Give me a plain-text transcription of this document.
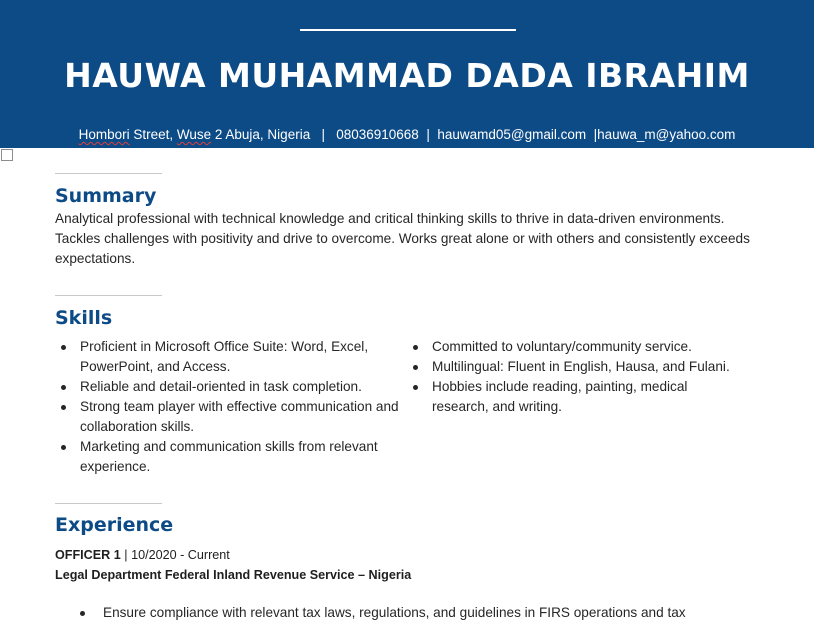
HAUWA MUHAMMAD DADA IBRAHIM
Hombori Street, Wuse 2 Abuja, Nigeria   |   08036910668  |  hauwamd05@gmail.com  |hauwa_m@yahoo.com
Summary
Analytical professional with technical knowledge and critical thinking skills to thrive in data-driven environments. Tackles challenges with positivity and drive to overcome. Works great alone or with others and consistently exceeds expectations.
Skills
Proficient in Microsoft Office Suite: Word, Excel, PowerPoint, and Access.
Reliable and detail-oriented in task completion.
Strong team player with effective communication and collaboration skills.
Marketing and communication skills from relevant experience.
Committed to voluntary/community service.
Multilingual: Fluent in English, Hausa, and Fulani.
Hobbies include reading, painting, medical research, and writing.
Experience
OFFICER 1 | 10/2020 - Current
Legal Department Federal Inland Revenue Service – Nigeria
Ensure compliance with relevant tax laws, regulations, and guidelines in FIRS operations and tax
